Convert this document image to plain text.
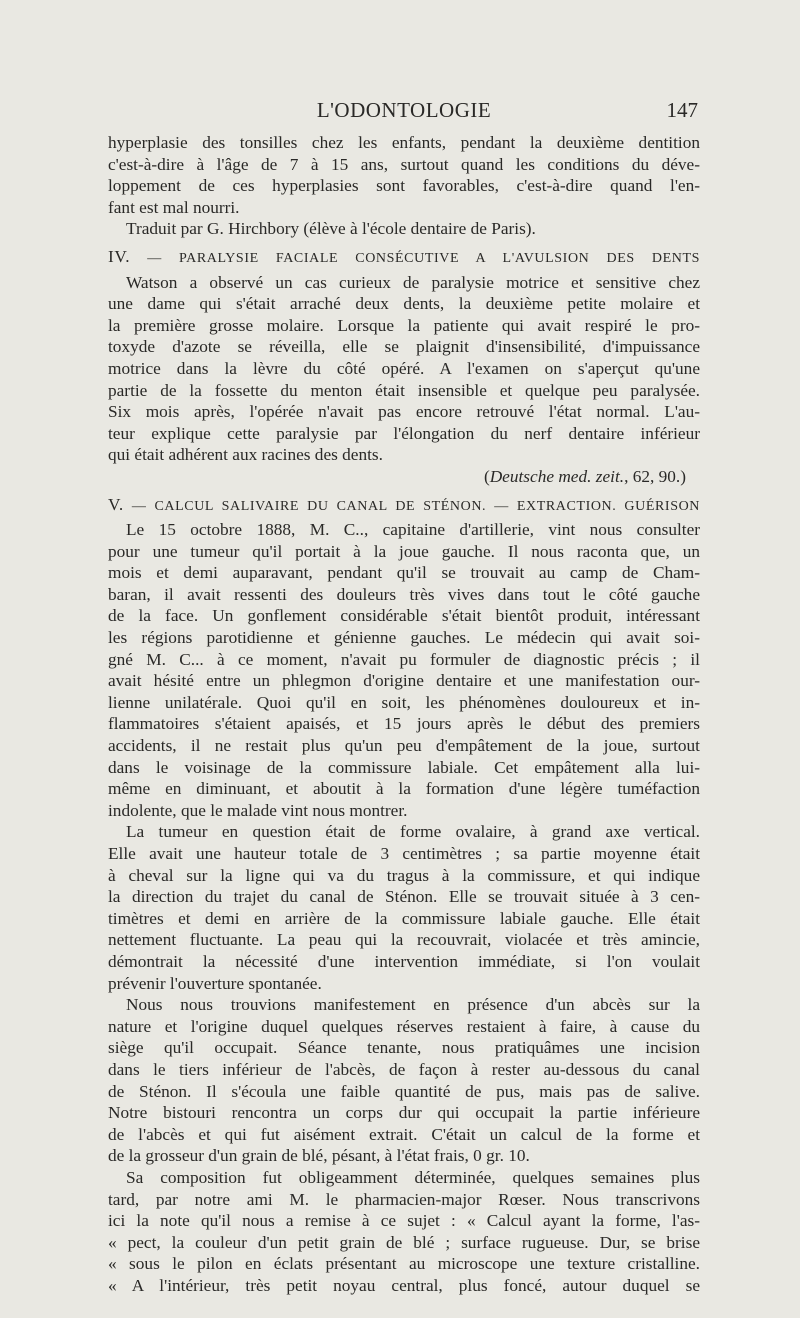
L'ODONTOLOGIE	147
hyperplasie des tonsilles chez les enfants, pendant la deuxième dentition
c'est-à-dire à l'âge de 7 à 15 ans, surtout quand les conditions du déve-
loppement de ces hyperplasies sont favorables, c'est-à-dire quand l'en-
fant est mal nourri.
Traduit par G. Hirchbory (élève à l'école dentaire de Paris).
IV. — PARALYSIE FACIALE CONSÉCUTIVE A L'AVULSION DES DENTS
Watson a observé un cas curieux de paralysie motrice et sensitive chez
une dame qui s'était arraché deux dents, la deuxième petite molaire et
la première grosse molaire. Lorsque la patiente qui avait respiré le pro-
toxyde d'azote se réveilla, elle se plaignit d'insensibilité, d'impuissance
motrice dans la lèvre du côté opéré. A l'examen on s'aperçut qu'une
partie de la fossette du menton était insensible et quelque peu paralysée.
Six mois après, l'opérée n'avait pas encore retrouvé l'état normal. L'au-
teur explique cette paralysie par l'élongation du nerf dentaire inférieur
qui était adhérent aux racines des dents.
(Deutsche med. zeit., 62, 90.)
V. — CALCUL SALIVAIRE DU CANAL DE STÉNON. — EXTRACTION. GUÉRISON
Le 15 octobre 1888, M. C.., capitaine d'artillerie, vint nous consulter
pour une tumeur qu'il portait à la joue gauche. Il nous raconta que, un
mois et demi auparavant, pendant qu'il se trouvait au camp de Cham-
baran, il avait ressenti des douleurs très vives dans tout le côté gauche
de la face. Un gonflement considérable s'était bientôt produit, intéressant
les régions parotidienne et génienne gauches. Le médecin qui avait soi-
gné M. C... à ce moment, n'avait pu formuler de diagnostic précis ; il
avait hésité entre un phlegmon d'origine dentaire et une manifestation our-
lienne unilatérale. Quoi qu'il en soit, les phénomènes douloureux et in-
flammatoires s'étaient apaisés, et 15 jours après le début des premiers
accidents, il ne restait plus qu'un peu d'empâtement de la joue, surtout
dans le voisinage de la commissure labiale. Cet empâtement alla lui-
même en diminuant, et aboutit à la formation d'une légère tuméfaction
indolente, que le malade vint nous montrer.
La tumeur en question était de forme ovalaire, à grand axe vertical.
Elle avait une hauteur totale de 3 centimètres ; sa partie moyenne était
à cheval sur la ligne qui va du tragus à la commissure, et qui indique
la direction du trajet du canal de Sténon. Elle se trouvait située à 3 cen-
timètres et demi en arrière de la commissure labiale gauche. Elle était
nettement fluctuante. La peau qui la recouvrait, violacée et très amincie,
démontrait la nécessité d'une intervention immédiate, si l'on voulait
prévenir l'ouverture spontanée.
Nous nous trouvions manifestement en présence d'un abcès sur la
nature et l'origine duquel quelques réserves restaient à faire, à cause du
siège qu'il occupait. Séance tenante, nous pratiquâmes une incision
dans le tiers inférieur de l'abcès, de façon à rester au-dessous du canal
de Sténon. Il s'écoula une faible quantité de pus, mais pas de salive.
Notre bistouri rencontra un corps dur qui occupait la partie inférieure
de l'abcès et qui fut aisément extrait. C'était un calcul de la forme et
de la grosseur d'un grain de blé, pésant, à l'état frais, 0 gr. 10.
Sa composition fut obligeamment déterminée, quelques semaines plus
tard, par notre ami M. le pharmacien-major Rœser. Nous transcrivons
ici la note qu'il nous a remise à ce sujet : « Calcul ayant la forme, l'as-
« pect, la couleur d'un petit grain de blé ; surface rugueuse. Dur, se brise
« sous le pilon en éclats présentant au microscope une texture cristalline.
« A l'intérieur, très petit noyau central, plus foncé, autour duquel se
